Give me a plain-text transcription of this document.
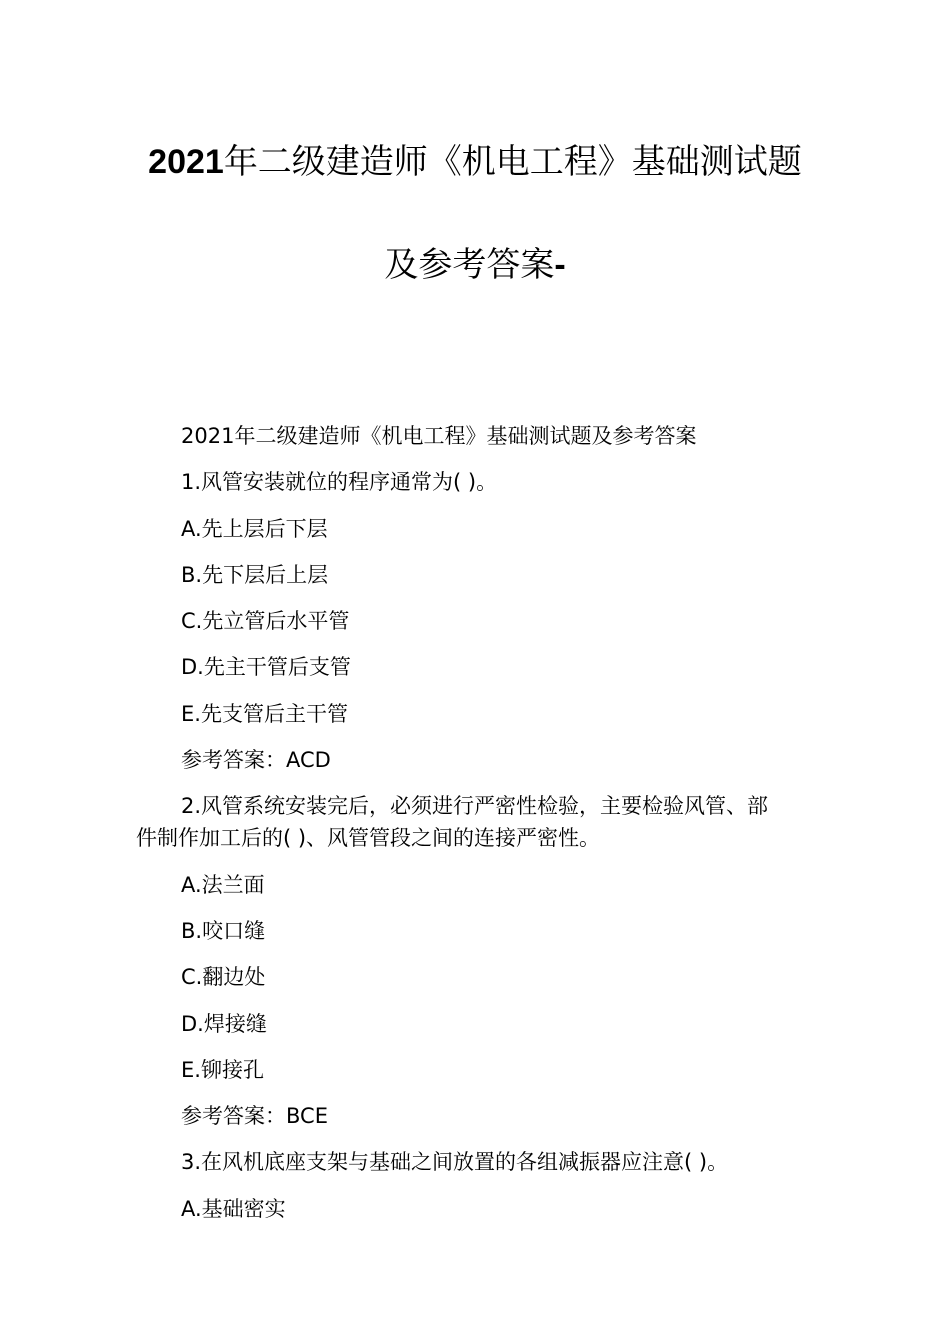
2021年二级建造师《机电工程》基础测试题
及参考答案-

2021年二级建造师《机电工程》基础测试题及参考答案

1.风管安装就位的程序通常为( )。

A.先上层后下层

B.先下层后上层

C.先立管后水平管

D.先主干管后支管

E.先支管后主干管

参考答案：ACD

2.风管系统安装完后，必须进行严密性检验，主要检验风管、部

件制作加工后的( )、风管管段之间的连接严密性。

A.法兰面

B.咬口缝

C.翻边处

D.焊接缝

E.铆接孔

参考答案：BCE

3.在风机底座支架与基础之间放置的各组减振器应注意( )。

A.基础密实
